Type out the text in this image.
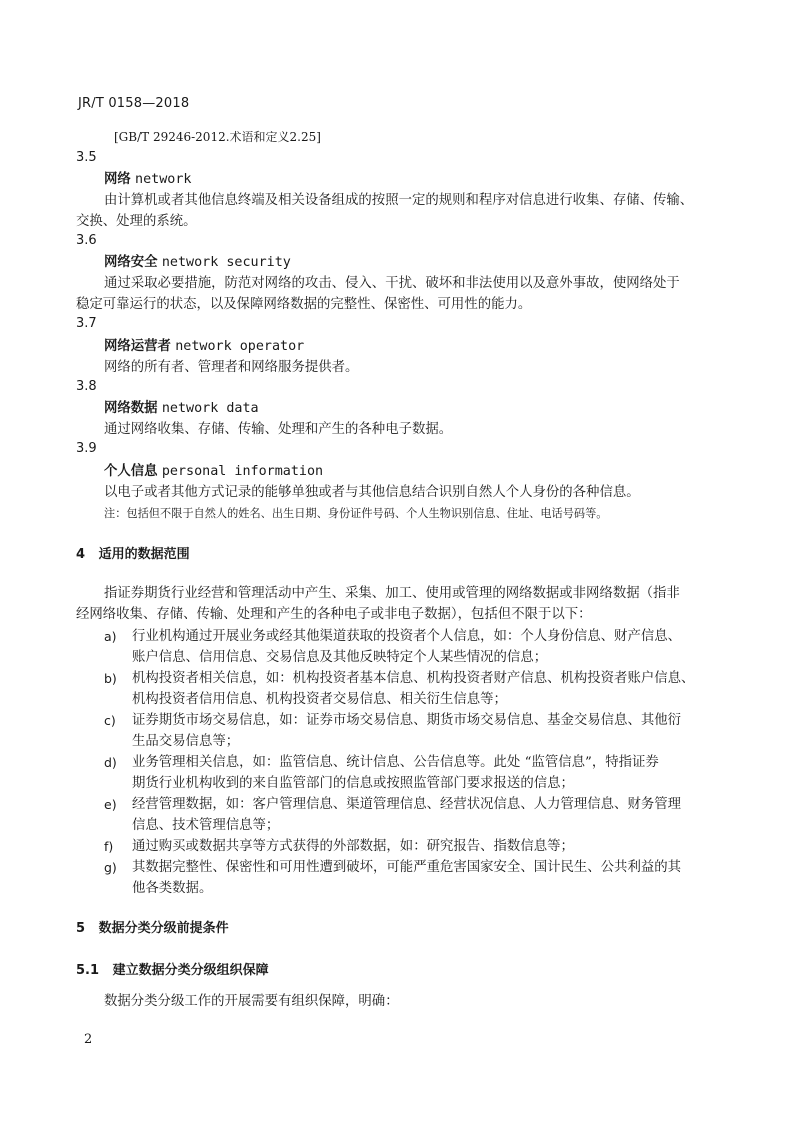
JR/T 0158—2018
[GB/T 29246-2012.术语和定义2.25]
3.5
网络 network
由计算机或者其他信息终端及相关设备组成的按照一定的规则和程序对信息进行收集、存储、传输、
交换、处理的系统。
3.6
网络安全 network security
通过采取必要措施，防范对网络的攻击、侵入、干扰、破坏和非法使用以及意外事故，使网络处于
稳定可靠运行的状态，以及保障网络数据的完整性、保密性、可用性的能力。
3.7
网络运营者 network operator
网络的所有者、管理者和网络服务提供者。
3.8
网络数据 network data
通过网络收集、存储、传输、处理和产生的各种电子数据。
3.9
个人信息 personal information
以电子或者其他方式记录的能够单独或者与其他信息结合识别自然人个人身份的各种信息。
注：包括但不限于自然人的姓名、出生日期、身份证件号码、个人生物识别信息、住址、电话号码等。
4 适用的数据范围
指证券期货行业经营和管理活动中产生、采集、加工、使用或管理的网络数据或非网络数据（指非
经网络收集、存储、传输、处理和产生的各种电子或非电子数据），包括但不限于以下：
a) 行业机构通过开展业务或经其他渠道获取的投资者个人信息，如：个人身份信息、财产信息、
账户信息、信用信息、交易信息及其他反映特定个人某些情况的信息；
b) 机构投资者相关信息，如：机构投资者基本信息、机构投资者财产信息、机构投资者账户信息、
机构投资者信用信息、机构投资者交易信息、相关衍生信息等；
c) 证券期货市场交易信息，如：证券市场交易信息、期货市场交易信息、基金交易信息、其他衍
生品交易信息等；
d) 业务管理相关信息，如：监管信息、统计信息、公告信息等。此处 “监管信息”，特指证券
期货行业机构收到的来自监管部门的信息或按照监管部门要求报送的信息；
e) 经营管理数据，如：客户管理信息、渠道管理信息、经营状况信息、人力管理信息、财务管理
信息、技术管理信息等；
f) 通过购买或数据共享等方式获得的外部数据，如：研究报告、指数信息等；
g) 其数据完整性、保密性和可用性遭到破坏，可能严重危害国家安全、国计民生、公共利益的其
他各类数据。
5 数据分类分级前提条件
5.1 建立数据分类分级组织保障
数据分类分级工作的开展需要有组织保障，明确：
2
